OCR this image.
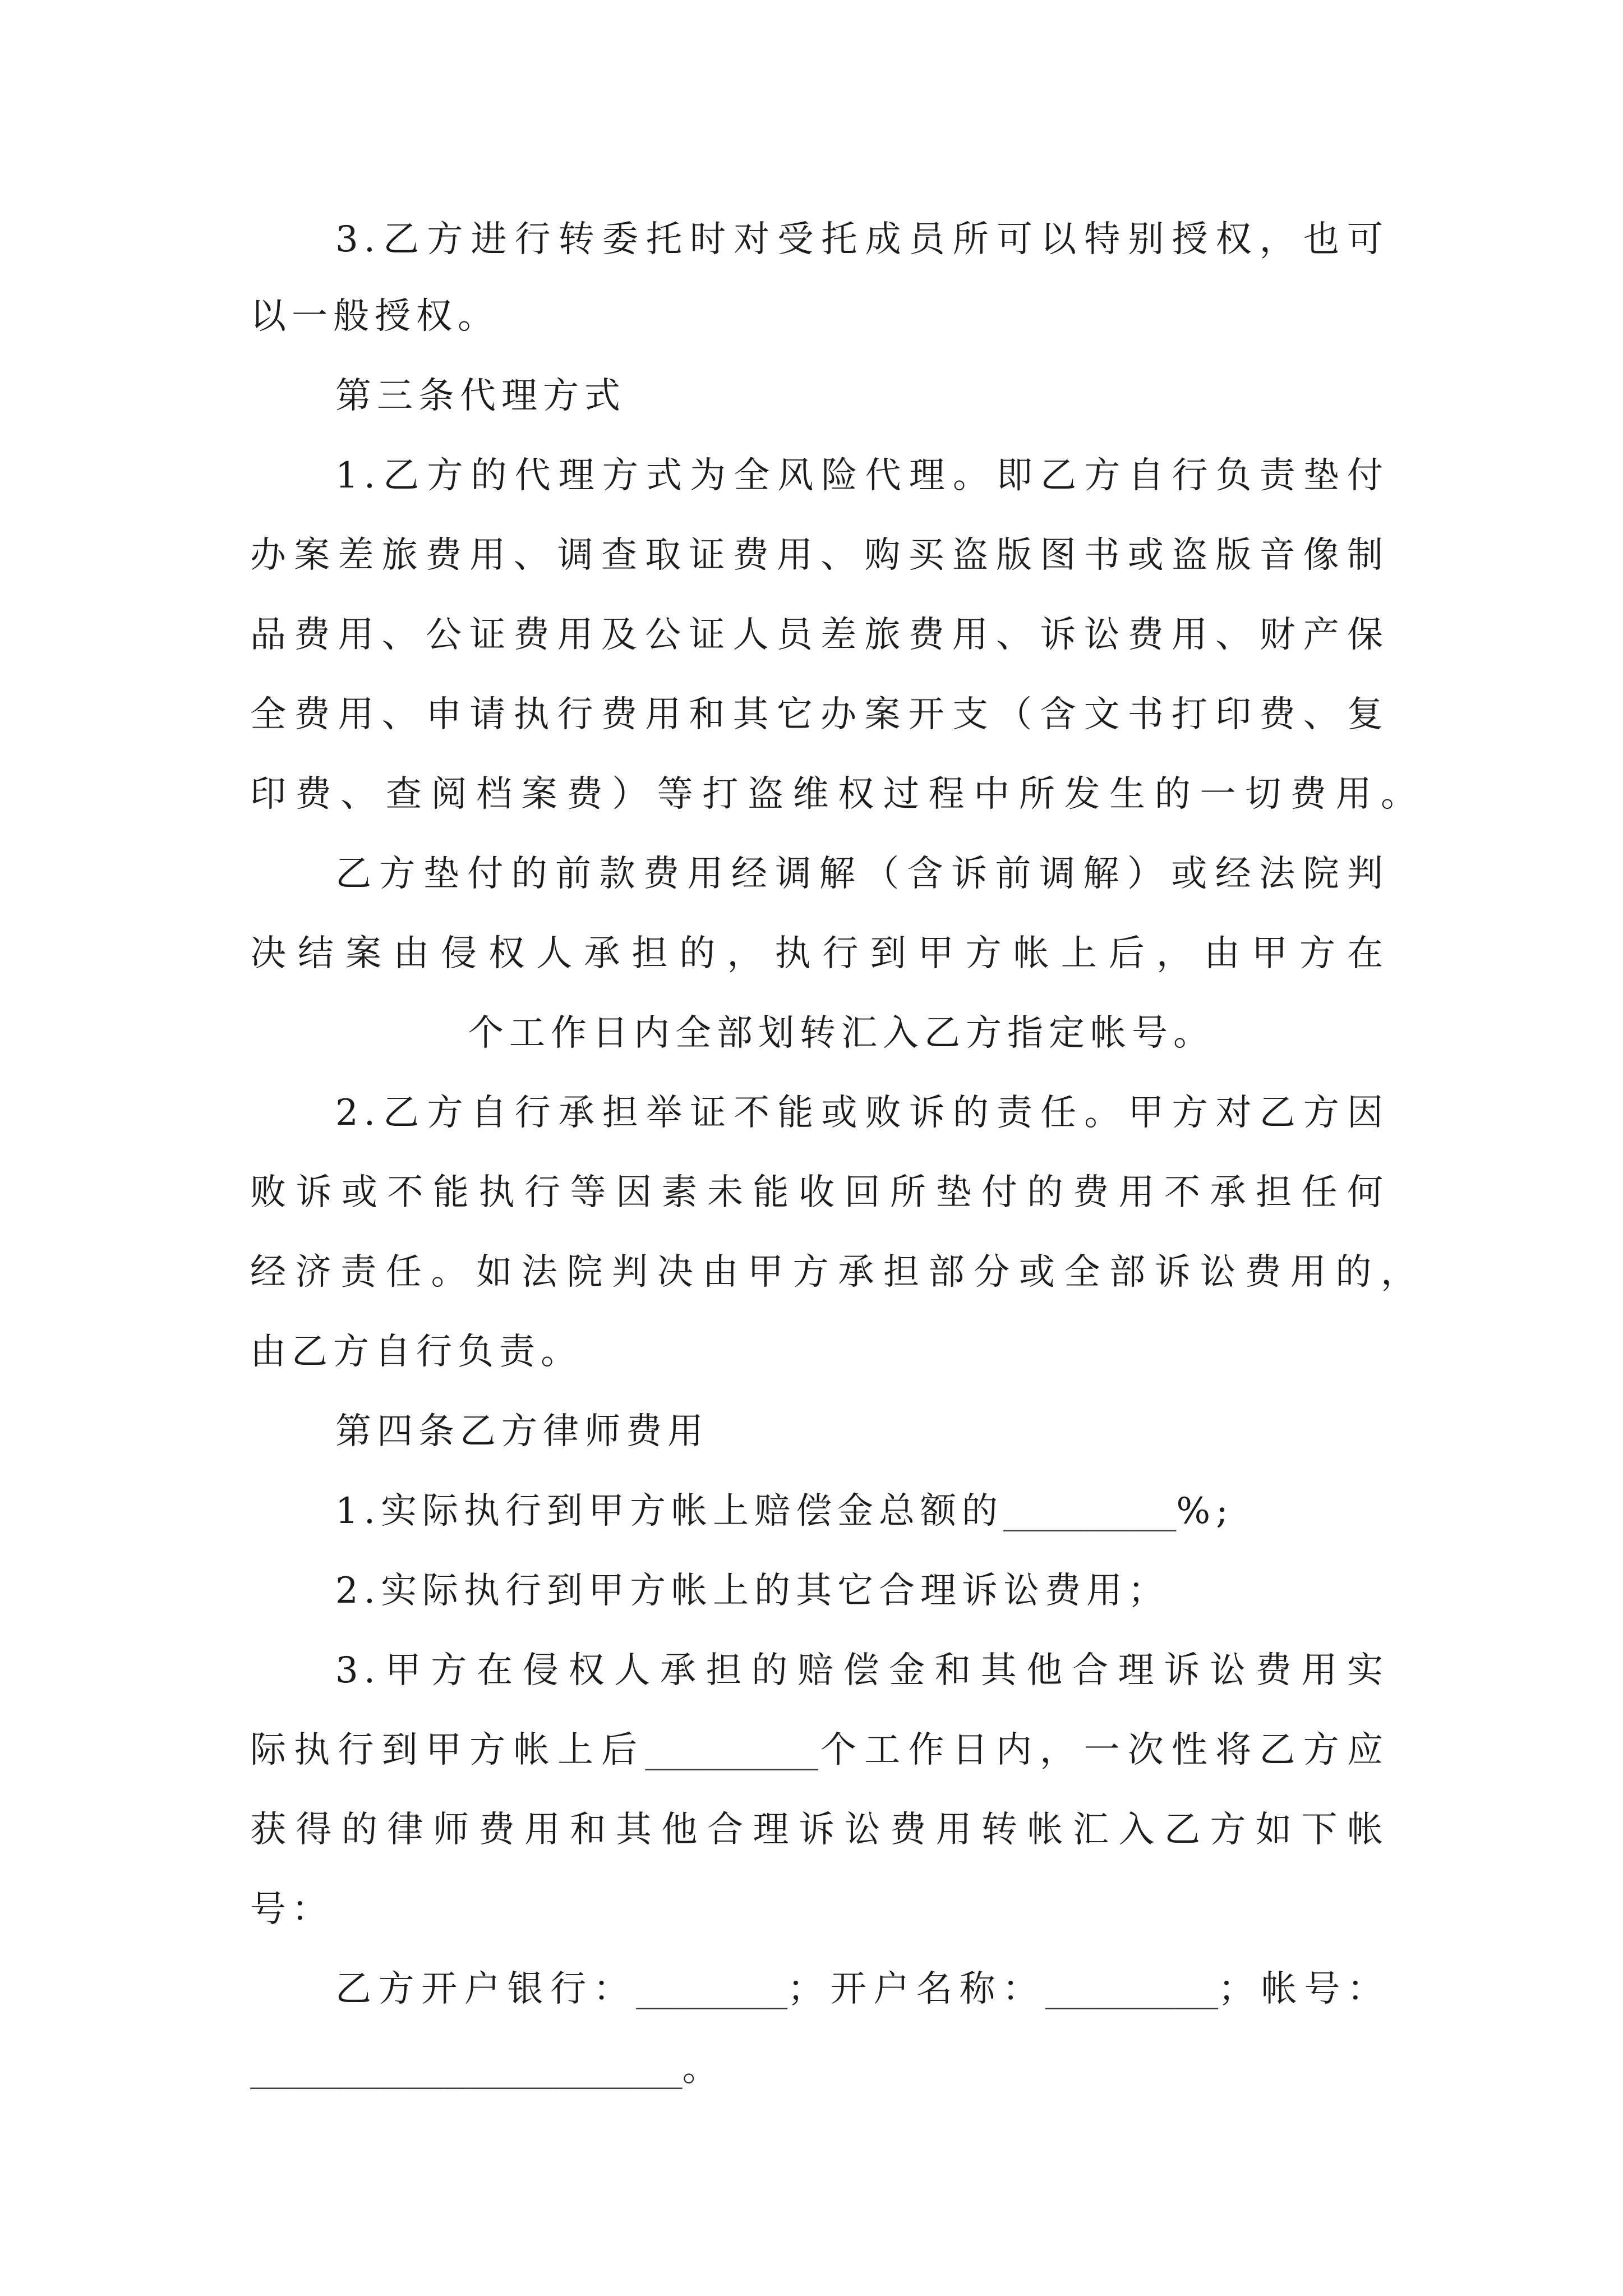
3.乙方进行转委托时对受托成员所可以特别授权，也可
以一般授权。
第三条代理方式
1.乙方的代理方式为全风险代理。即乙方自行负责垫付
办案差旅费用、调查取证费用、购买盗版图书或盗版音像制
品费用、公证费用及公证人员差旅费用、诉讼费用、财产保
全费用、申请执行费用和其它办案开支（含文书打印费、复
印费、查阅档案费）等打盗维权过程中所发生的一切费用。
乙方垫付的前款费用经调解（含诉前调解）或经法院判
决结案由侵权人承担的，执行到甲方帐上后，由甲方在
个工作日内全部划转汇入乙方指定帐号。
2.乙方自行承担举证不能或败诉的责任。甲方对乙方因
败诉或不能执行等因素未能收回所垫付的费用不承担任何
经济责任。如法院判决由甲方承担部分或全部诉讼费用的，
由乙方自行负责。
第四条乙方律师费用
1.实际执行到甲方帐上赔偿金总额的________%;
2.实际执行到甲方帐上的其它合理诉讼费用；
3.甲方在侵权人承担的赔偿金和其他合理诉讼费用实
际执行到甲方帐上后________个工作日内，一次性将乙方应
获得的律师费用和其他合理诉讼费用转帐汇入乙方如下帐
号：
乙方开户银行：_______；开户名称：________；帐号：
____________________。
